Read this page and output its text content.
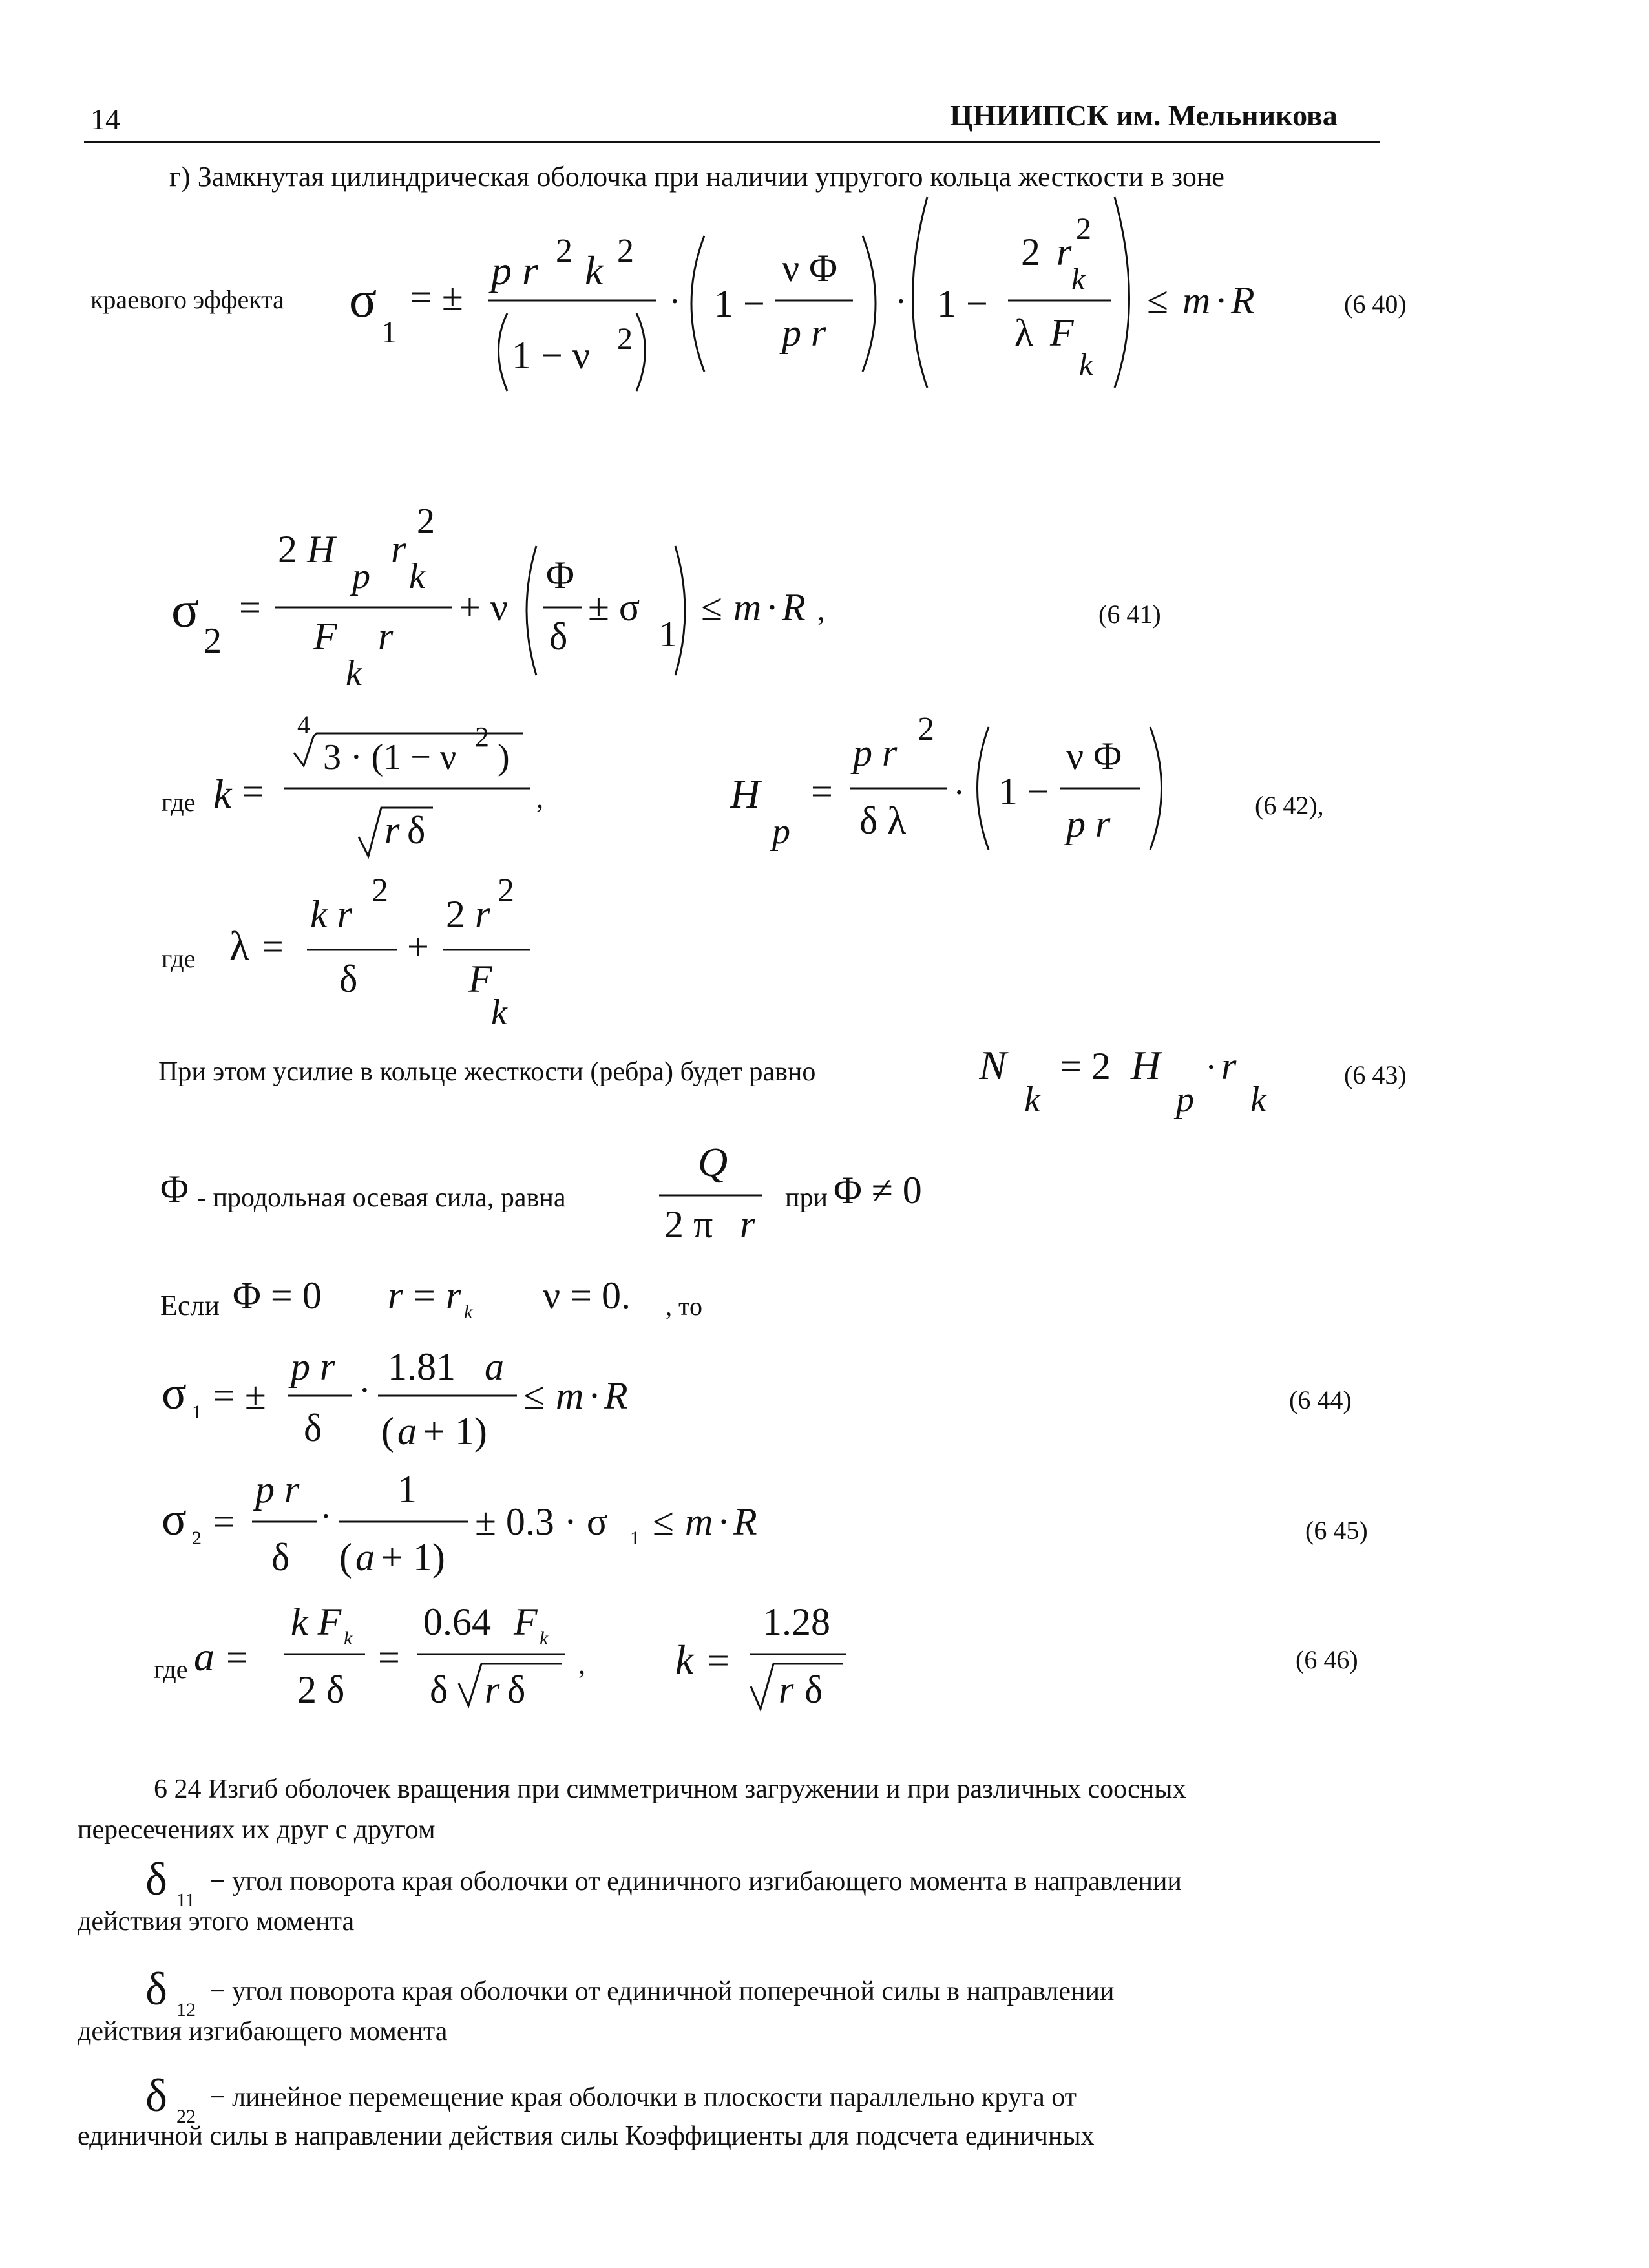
14	ЦНИИПСК им. Мельникова
г) Замкнутая цилиндрическая оболочка при наличии упругого кольца жесткости в зоне
краевого эффекта σ
1
= ±
p r 2 k 2
1 − ν 2
· 1 −
ν Φ
p r
· 1 −
2 r
2
k
λ F
k
≤ m · R	(6 40)
σ
2
=
2 H
p
r
2
k
F
k
r
+ ν
Φ
δ
± σ
1
≤ m · R ,	(6 41)
где k =
4
3 · (1 − ν
2
)
r δ
,	H
p
=
p r
2
δ λ
· 1 −
ν Φ
p r	(6 42),
где λ =
k r
2
δ
+
2 r
2
F
k
При этом усилие в кольце жесткости (ребра) будет равно	N
k
= 2 H
p
· r
k
(6 43)
Φ - продольная осевая сила, равна
Q
2 π r
при Φ ≠ 0
Если Φ = 0 r = r k ν = 0. , то
σ 1 = ±
p r
δ
·
1.81 a
( a + 1)
≤ m · R	(6 44)
σ 2 =
p r
δ
·
1
( a + 1)
± 0.3 · σ 1 ≤ m · R	(6 45)
где a =
k F k
2 δ
=
0.64 F k
δ r δ
, k =
1.28
r δ
(6 46)
6 24 Изгиб оболочек вращения при симметричном загружении и при различных соосных
пересечениях их друг с другом
δ 11
− угол поворота края оболочки от единичного изгибающего момента в направлении
действия этого момента
δ 12
− угол поворота края оболочки от единичной поперечной силы в направлении
действия изгибающего момента
δ 22
− линейное перемещение края оболочки в плоскости параллельно круга от
единичной силы в направлении действия силы Коэффициенты для подсчета единичных
